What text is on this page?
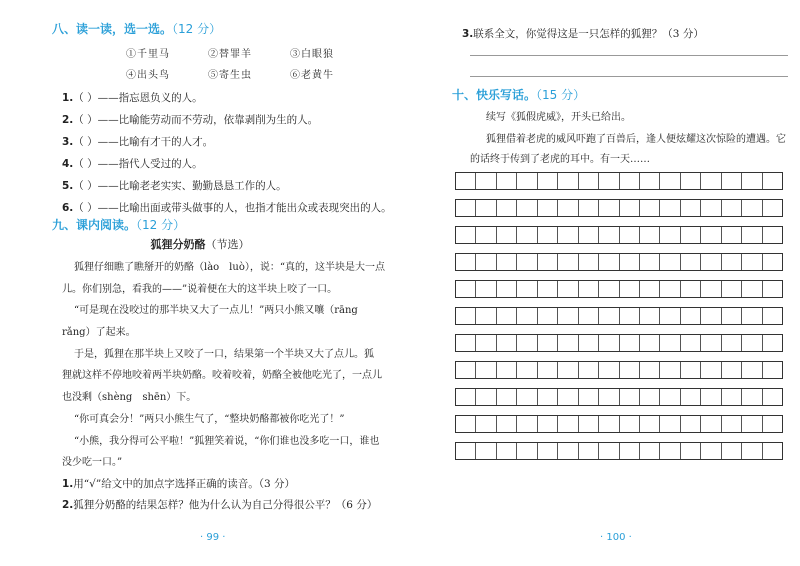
八、读一读，选一选。（12 分）
①千里马	②替罪羊	③白眼狼
④出头鸟	⑤寄生虫	⑥老黄牛
1.（ ）——指忘恩负义的人。
2.（ ）——比喻能劳动而不劳动，依靠剥削为生的人。
3.（ ）——比喻有才干的人才。
4.（ ）——指代人受过的人。
5.（ ）——比喻老老实实、勤勤恳恳工作的人。
6.（ ）——比喻出面或带头做事的人，也指才能出众或表现突出的人。
九、课内阅读。（12 分）
狐狸分奶酪（节选）
狐狸仔细瞧了瞧掰开的奶酪（lào　luò），说：“真的，这半块是大一点
儿。你们别急，看我的——”说着便在大的这半块上咬了一口。
“可是现在没咬过的那半块又大了一点儿！”两只小熊又嚷（rāng
rǎng）了起来。
于是，狐狸在那半块上又咬了一口，结果第一个半块又大了点儿。狐
狸就这样不停地咬着两半块奶酪。咬着咬着，奶酪全被他吃光了，一点儿
也没剩（shèng　shēn）下。
“你可真会分！”两只小熊生气了，“整块奶酪都被你吃光了！”
“小熊，我分得可公平啦！”狐狸笑着说，“你们谁也没多吃一口，谁也
没少吃一口。”
1.用“√”给文中的加点字选择正确的读音。（3 分）
2.狐狸分奶酪的结果怎样？他为什么认为自己分得很公平？（6 分）
· 99 ·
3.联系全文，你觉得这是一只怎样的狐狸？（3 分）
十、快乐写话。（15 分）
续写《狐假虎威》，开头已给出。
狐狸借着老虎的威风吓跑了百兽后，逢人便炫耀这次惊险的遭遇。它
的话终于传到了老虎的耳中。有一天……
· 100 ·
